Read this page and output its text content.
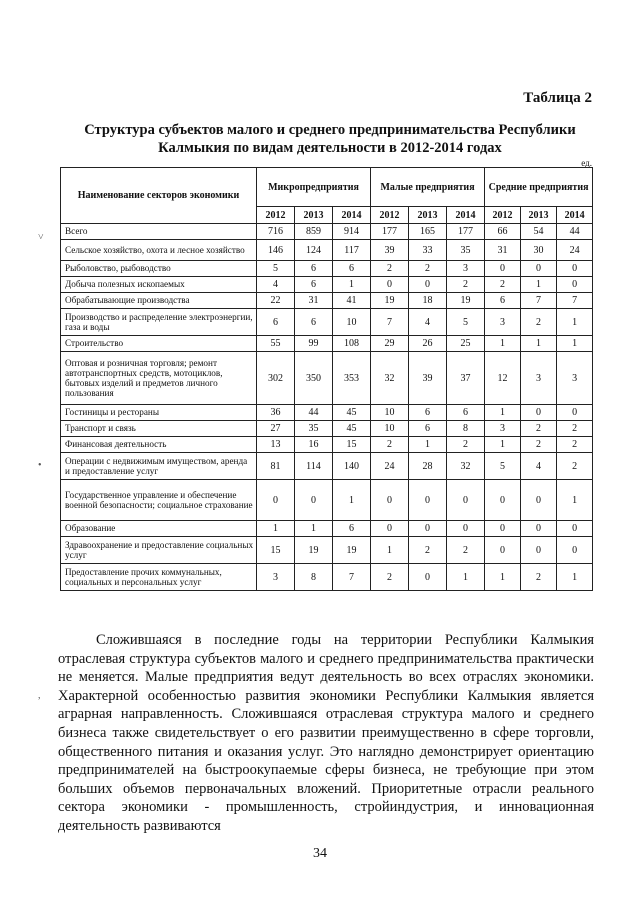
Таблица 2
Структура субъектов малого и среднего предпринимательства Республики Калмыкия по видам деятельности в 2012-2014 годах
ед.
˅
•
,
Наименование секторов экономики	Микропредприятия			Малые предприятия			Средние предприятия		
	2012	2013	2014	2012	2013	2014	2012	2013	2014
Всего	716	859	914	177	165	177	66	54	44
Сельское хозяйство, охота и лесное хозяйство	146	124	117	39	33	35	31	30	24
Рыболовство, рыбоводство	5	6	6	2	2	3	0	0	0
Добыча полезных ископаемых	4	6	1	0	0	2	2	1	0
Обрабатывающие производства	22	31	41	19	18	19	6	7	7
Производство и распределение электроэнергии, газа и воды	6	6	10	7	4	5	3	2	1
Строительство	55	99	108	29	26	25	1	1	1
Оптовая и розничная торговля; ремонт автотранспортных средств, мотоциклов, бытовых изделий и предметов личного пользования	302	350	353	32	39	37	12	3	3
Гостиницы и рестораны	36	44	45	10	6	6	1	0	0
Транспорт и связь	27	35	45	10	6	8	3	2	2
Финансовая деятельность	13	16	15	2	1	2	1	2	2
Операции с недвижимым имуществом, аренда и предоставление услуг	81	114	140	24	28	32	5	4	2
Государственное управление и обеспечение военной безопасности; социальное страхование	0	0	1	0	0	0	0	0	1
Образование	1	1	6	0	0	0	0	0	0
Здравоохранение и предоставление социальных услуг	15	19	19	1	2	2	0	0	0
Предоставление прочих коммунальных, социальных и персональных услуг	3	8	7	2	0	1	1	2	1

Сложившаяся в последние годы на территории Республики Калмыкия отраслевая структура субъектов малого и среднего предпринимательства практически не меняется. Малые предприятия ведут деятельность во всех отраслях экономики. Характерной особенностью развития экономики Республики Калмыкия является аграрная направленность. Сложившаяся отраслевая структура малого и среднего бизнеса также свидетельствует о его развитии преимущественно в сфере торговли, общественного питания и оказания услуг. Это наглядно демонстрирует ориентацию предпринимателей на быстроокупаемые сферы бизнеса, не требующие при этом больших объемов первоначальных вложений. Приоритетные отрасли реального сектора экономики - промышленность, стройиндустрия, и инновационная деятельность развиваются

34
